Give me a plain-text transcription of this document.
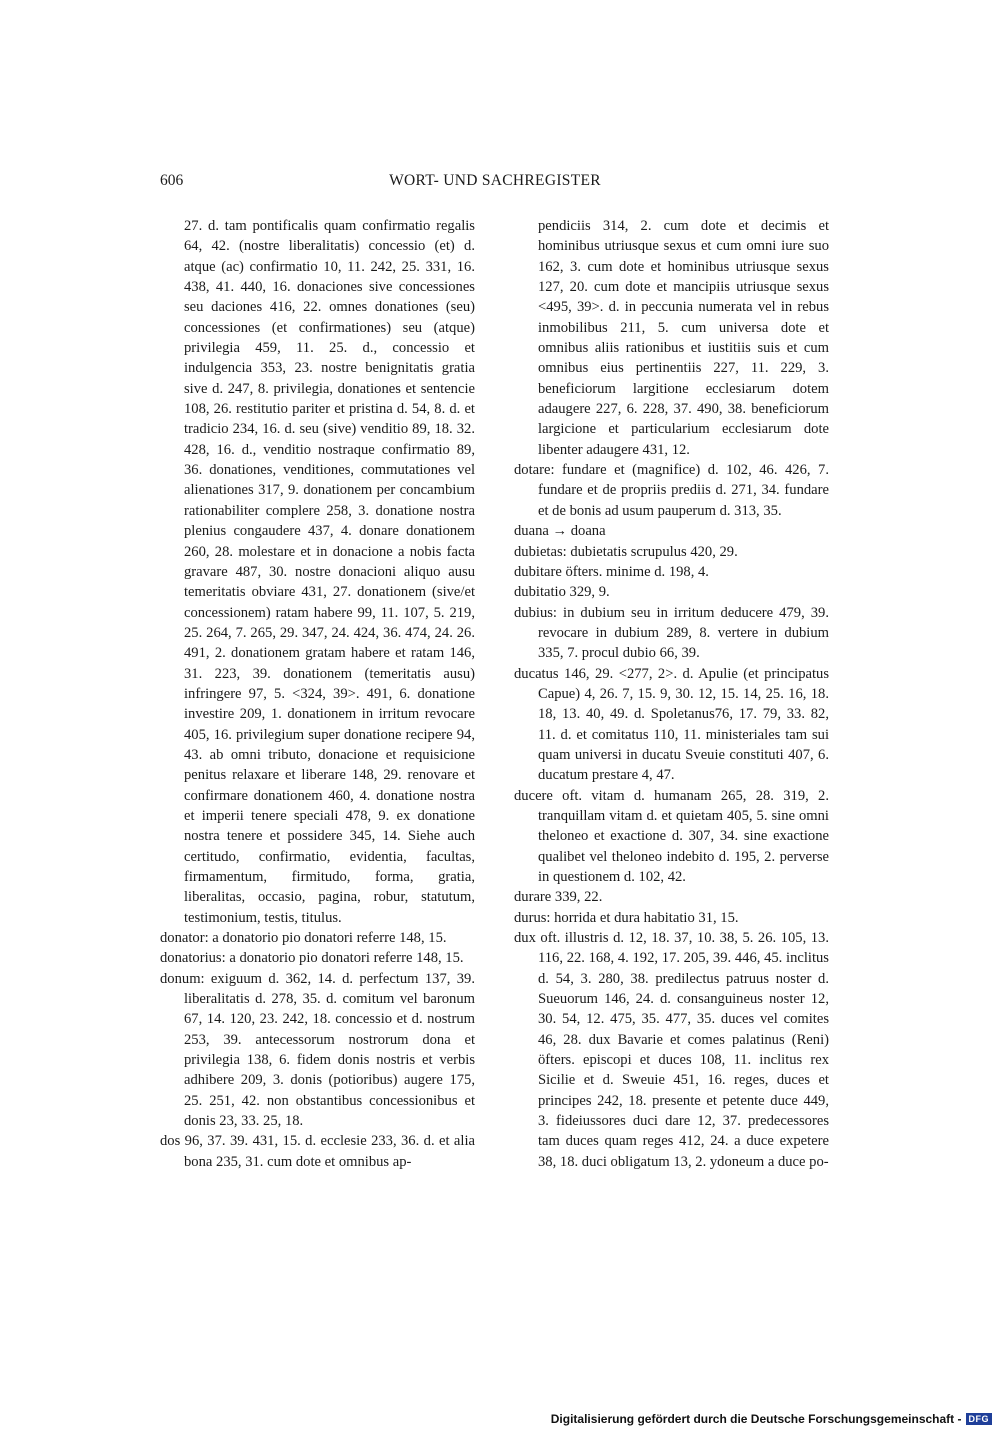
606	WORT- UND SACHREGISTER

27. d. tam pontificalis quam confirmatio regalis 64, 42. (nostre liberalitatis) concessio (et) d. atque (ac) confirmatio 10, 11. 242, 25. 331, 16. 438, 41. 440, 16. donaciones sive concessiones seu daciones 416, 22. omnes donationes (seu) concessiones (et confirmationes) seu (atque) privilegia 459, 11. 25. d., concessio et indulgencia 353, 23. nostre benignitatis gratia sive d. 247, 8. privilegia, donationes et sentencie 108, 26. restitutio pariter et pristina d. 54, 8. d. et tradicio 234, 16. d. seu (sive) venditio 89, 18. 32. 428, 16. d., venditio nostraque confirmatio 89, 36. donationes, venditiones, commutationes vel alienationes 317, 9. donationem per concambium rationabiliter complere 258, 3. donatione nostra plenius congaudere 437, 4. donare donationem 260, 28. molestare et in donacione a nobis facta gravare 487, 30. nostre donacioni aliquo ausu temeritatis obviare 431, 27. donationem (sive/et concessionem) ratam habere 99, 11. 107, 5. 219, 25. 264, 7. 265, 29. 347, 24. 424, 36. 474, 24. 26. 491, 2. donationem gratam habere et ratam 146, 31. 223, 39. donationem (temeritatis ausu) infringere 97, 5. <324, 39>. 491, 6. donatione investire 209, 1. donationem in irritum revocare 405, 16. privilegium super donatione recipere 94, 43. ab omni tributo, donacione et requisicione penitus relaxare et liberare 148, 29. renovare et confirmare donationem 460, 4. donatione nostra et imperii tenere speciali 478, 9. ex donatione nostra tenere et possidere 345, 14. Siehe auch certitudo, confirmatio, evidentia, facultas, firmamentum, firmitudo, forma, gratia, liberalitas, occasio, pagina, robur, statutum, testimonium, testis, titulus.

donator: a donatorio pio donatori referre 148, 15.

donatorius: a donatorio pio donatori referre 148, 15.

donum: exiguum d. 362, 14. d. perfectum 137, 39. liberalitatis d. 278, 35. d. comitum vel baronum 67, 14. 120, 23. 242, 18. concessio et d. nostrum 253, 39. antecessorum nostrorum dona et privilegia 138, 6. fidem donis nostris et verbis adhibere 209, 3. donis (potioribus) augere 175, 25. 251, 42. non obstantibus concessionibus et donis 23, 33. 25, 18.

dos 96, 37. 39. 431, 15. d. ecclesie 233, 36. d. et alia bona 235, 31. cum dote et omnibus ap-

pendiciis 314, 2. cum dote et decimis et hominibus utriusque sexus et cum omni iure suo 162, 3. cum dote et hominibus utriusque sexus 127, 20. cum dote et mancipiis utriusque sexus <495, 39>. d. in peccunia numerata vel in rebus inmobilibus 211, 5. cum universa dote et omnibus aliis rationibus et iustitiis suis et cum omnibus eius pertinentiis 227, 11. 229, 3. beneficiorum largitione ecclesiarum dotem adaugere 227, 6. 228, 37. 490, 38. beneficiorum largicione et particularium ecclesiarum dote libenter adaugere 431, 12.

dotare: fundare et (magnifice) d. 102, 46. 426, 7. fundare et de propriis prediis d. 271, 34. fundare et de bonis ad usum pauperum d. 313, 35.

duana → doana

dubietas: dubietatis scrupulus 420, 29.

dubitare öfters. minime d. 198, 4.

dubitatio 329, 9.

dubius: in dubium seu in irritum deducere 479, 39. revocare in dubium 289, 8. vertere in dubium 335, 7. procul dubio 66, 39.

ducatus 146, 29. <277, 2>. d. Apulie (et principatus Capue) 4, 26. 7, 15. 9, 30. 12, 15. 14, 25. 16, 18. 18, 13. 40, 49. d. Spoletanus76, 17. 79, 33. 82, 11. d. et comitatus 110, 11. ministeriales tam sui quam universi in ducatu Sveuie constituti 407, 6. ducatum prestare 4, 47.

ducere oft. vitam d. humanam 265, 28. 319, 2. tranquillam vitam d. et quietam 405, 5. sine omni theloneo et exactione d. 307, 34. sine exactione qualibet vel theloneo indebito d. 195, 2. perverse in questionem d. 102, 42.

durare 339, 22.

durus: horrida et dura habitatio 31, 15.

dux oft. illustris d. 12, 18. 37, 10. 38, 5. 26. 105, 13. 116, 22. 168, 4. 192, 17. 205, 39. 446, 45. inclitus d. 54, 3. 280, 38. predilectus patruus noster d. Sueuorum 146, 24. d. consanguineus noster 12, 30. 54, 12. 475, 35. 477, 35. duces vel comites 46, 28. dux Bavarie et comes palatinus (Reni) öfters. episcopi et duces 108, 11. inclitus rex Sicilie et d. Sweuie 451, 16. reges, duces et principes 242, 18. presente et petente duce 449, 3. fideiussores duci dare 12, 37. predecessores tam duces quam reges 412, 24. a duce expetere 38, 18. duci obligatum 13, 2. ydoneum a duce po-

Digitalisierung gefördert durch die Deutsche Forschungsgemeinschaft - DFG
